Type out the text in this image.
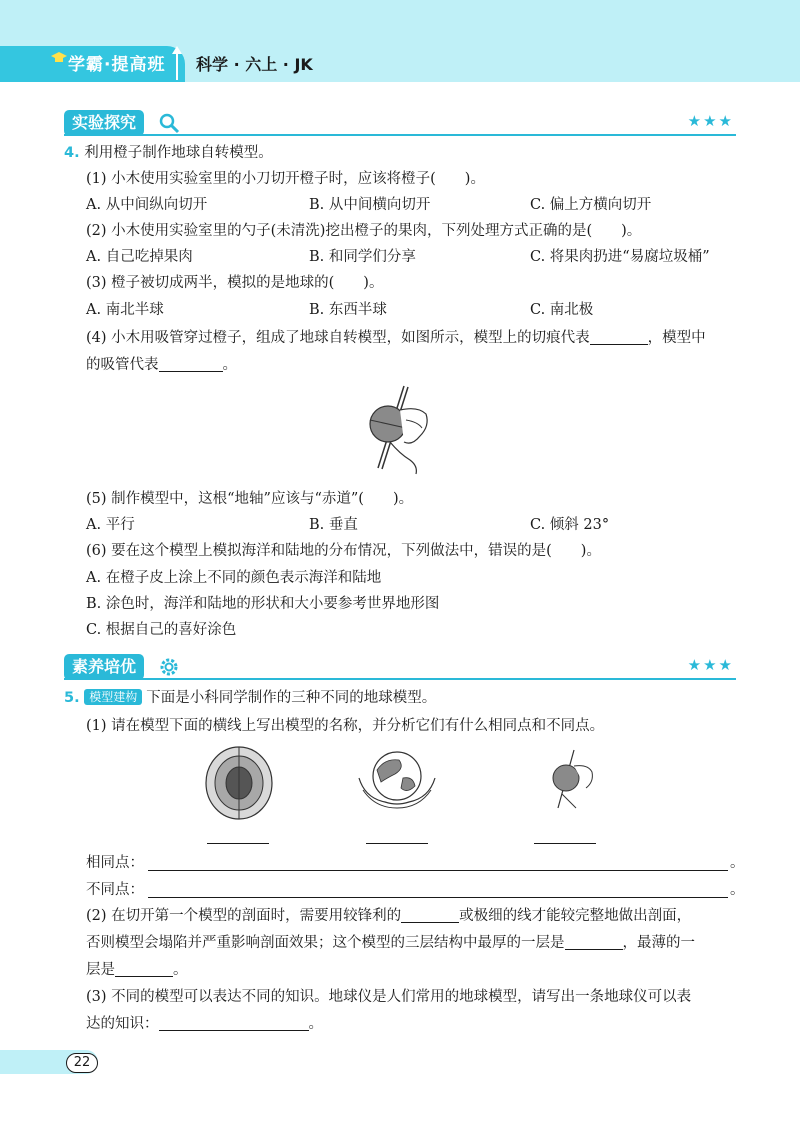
学霸·提高班 科学 · 六上 · JK
实验探究	★★★
4. 利用橙子制作地球自转模型。
(1) 小木使用实验室里的小刀切开橙子时，应该将橙子(　　)。
A. 从中间纵向切开	B. 从中间横向切开	C. 偏上方横向切开
(2) 小木使用实验室里的勺子(未清洗)挖出橙子的果肉，下列处理方式正确的是(　　)。
A. 自己吃掉果肉	B. 和同学们分享	C. 将果肉扔进“易腐垃圾桶”
(3) 橙子被切成两半，模拟的是地球的(　　)。
A. 南北半球	B. 东西半球	C. 南北极
(4) 小木用吸管穿过橙子，组成了地球自转模型，如图所示，模型上的切痕代表	，模型中
的吸管代表	。
(5) 制作模型中，这根“地轴”应该与“赤道”(　　)。
A. 平行	B. 垂直	C. 倾斜 23°
(6) 要在这个模型上模拟海洋和陆地的分布情况，下列做法中，错误的是(　　)。
A. 在橙子皮上涂上不同的颜色表示海洋和陆地
B. 涂色时，海洋和陆地的形状和大小要参考世界地形图
C. 根据自己的喜好涂色
素养培优	★★★
5. 模型建构 下面是小科同学制作的三种不同的地球模型。
(1) 请在模型下面的横线上写出模型的名称，并分析它们有什么相同点和不同点。
相同点：	。
不同点：	。
(2) 在切开第一个模型的剖面时，需要用较锋利的	或极细的线才能较完整地做出剖面，
否则模型会塌陷并严重影响剖面效果；这个模型的三层结构中最厚的一层是	，最薄的一
层是	。
(3) 不同的模型可以表达不同的知识。地球仪是人们常用的地球模型，请写出一条地球仪可以表
达的知识：	。
22
